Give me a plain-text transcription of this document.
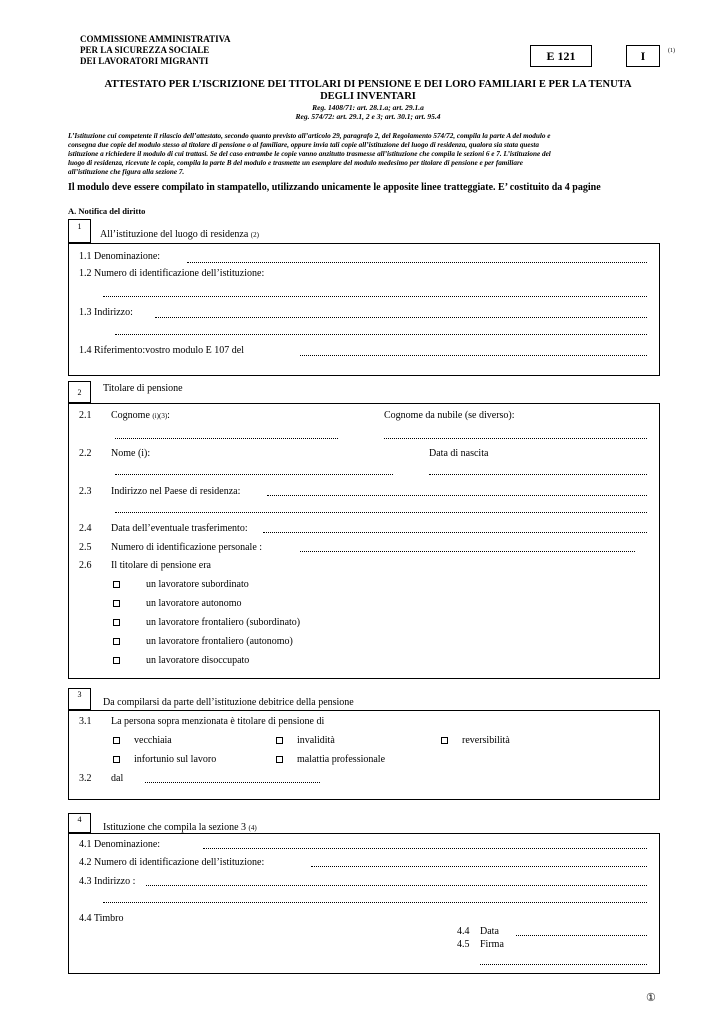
COMMISSIONE AMMINISTRATIVA
PER LA SICUREZZA SOCIALE
DEI LAVORATORI MIGRANTI	E 121	I	(1)
ATTESTATO PER L’ISCRIZIONE DEI TITOLARI DI PENSIONE E DEI LORO FAMILIARI E PER LA TENUTA
DEGLI INVENTARI
Reg. 1408/71: art. 28.1.a; art. 29.1.a
Reg. 574/72: art. 29.1, 2 e 3; art. 30.1; art. 95.4
L’Istituzione cui competente il rilascio dell’attestato, secondo quanto previsto all’articolo 29, paragrafo 2, del Regolamento 574/72, compila la parte A del modulo e
consegna due copie del modulo stesso al titolare di pensione o al familiare, oppure invia tali copie all’istituzione del luogo di residenza, qualora sia stata questa
istituzione a richiedere il modulo di cui trattasi. Se del caso entrambe le copie vanno anzitutto trasmesse all’istituzione che compila le sezioni 6 e 7. L’istituzione del
luogo di residenza, ricevute le copie, compila la parte B del modulo e trasmette un esemplare del modulo medesimo per titolare di pensione e per familiare
all’istituzione che figura alla sezione 7.
Il modulo deve essere compilato in stampatello, utilizzando unicamente le apposite linee tratteggiate. E’ costituito da 4 pagine
A. Notifica del diritto
1
All’istituzione del luogo di residenza (2)
1.1 Denominazione:
1.2 Numero di identificazione dell’istituzione:
1.3 Indirizzo:
1.4 Riferimento:vostro modulo E 107 del
2	Titolare di pensione
2.1 Cognome (i)(3):	Cognome da nubile (se diverso):
2.2 Nome (i):	Data di nascita
2.3 Indirizzo nel Paese di residenza:
2.4 Data dell’eventuale trasferimento:
2.5 Numero di identificazione personale :
2.6 Il titolare di pensione era
un lavoratore subordinato
un lavoratore autonomo
un lavoratore frontaliero (subordinato)
un lavoratore frontaliero (autonomo)
un lavoratore disoccupato
3
Da compilarsi da parte dell’istituzione debitrice della pensione
3.1 La persona sopra menzionata è titolare di pensione di
vecchiaia	invalidità	reversibilità
infortunio sul lavoro	malattia professionale
3.2 dal
4
Istituzione che compila la sezione 3 (4)
4.1 Denominazione:
4.2 Numero di identificazione dell’istituzione:
4.3 Indirizzo :
4.4 Timbro
4.4 Data
4.5 Firma
①
